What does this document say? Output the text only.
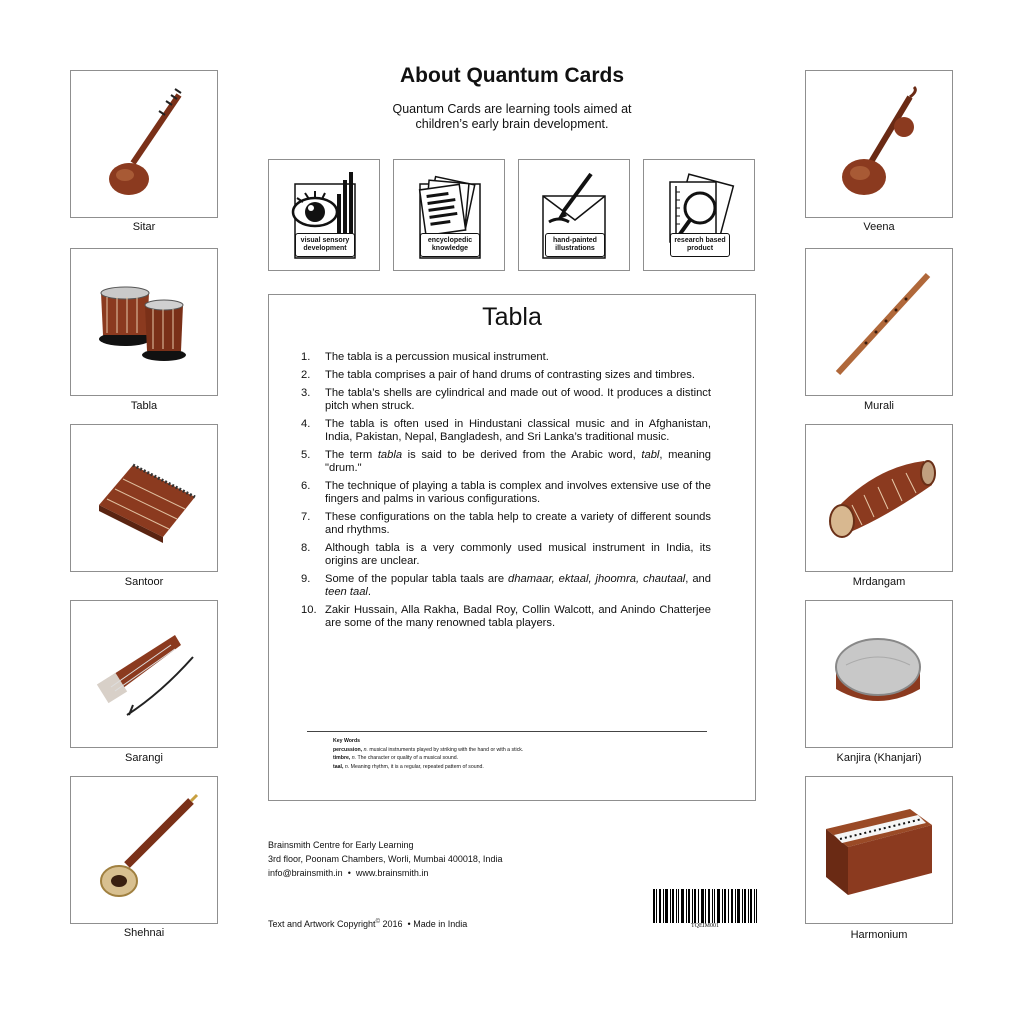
About Quantum Cards
Quantum Cards are learning tools aimed at
children’s early brain development.
visual sensory
development
encyclopedic
knowledge
hand-painted
illustrations
research based
product
Sitar
Tabla
Santoor
Sarangi
Shehnai
Veena
Murali
Mrdangam
Kanjira (Khanjari)
Harmonium
Tabla
1. The tabla is a percussion musical instrument.
2. The tabla comprises a pair of hand drums of contrasting sizes and timbres.
3. The tabla’s shells are cylindrical and made out of wood. It produces a distinct pitch when struck.
4. The tabla is often used in Hindustani classical music and in Afghanistan, India, Pakistan, Nepal, Bangladesh, and Sri Lanka’s traditional music.
5. The term tabla is said to be derived from the Arabic word, tabl, meaning "drum."
6. The technique of playing a tabla is complex and involves extensive use of the fingers and palms in various configurations.
7. These configurations on the tabla help to create a variety of different sounds and rhythms.
8. Although tabla is a very commonly used musical instrument in India, its origins are unclear.
9. Some of the popular tabla taals are dhamaar, ektaal, jhoomra, chautaal, and teen taal.
10. Zakir Hussain, Alla Rakha, Badal Roy, Collin Walcott, and Anindo Chatterjee are some of the many renowned tabla players.
Key Words
percussion, n. musical instruments played by striking with the hand or with a stick.
timbre, n. The character or quality of a musical sound.
taal, n. Meaning rhythm, it is a regular, repeated pattern of sound.
Brainsmith Centre for Early Learning
3rd floor, Poonam Chambers, Worli, Mumbai 400018, India
info@brainsmith.in • www.brainsmith.in
Text and Artwork Copyright© 2016 • Made in India	TQEIM001
